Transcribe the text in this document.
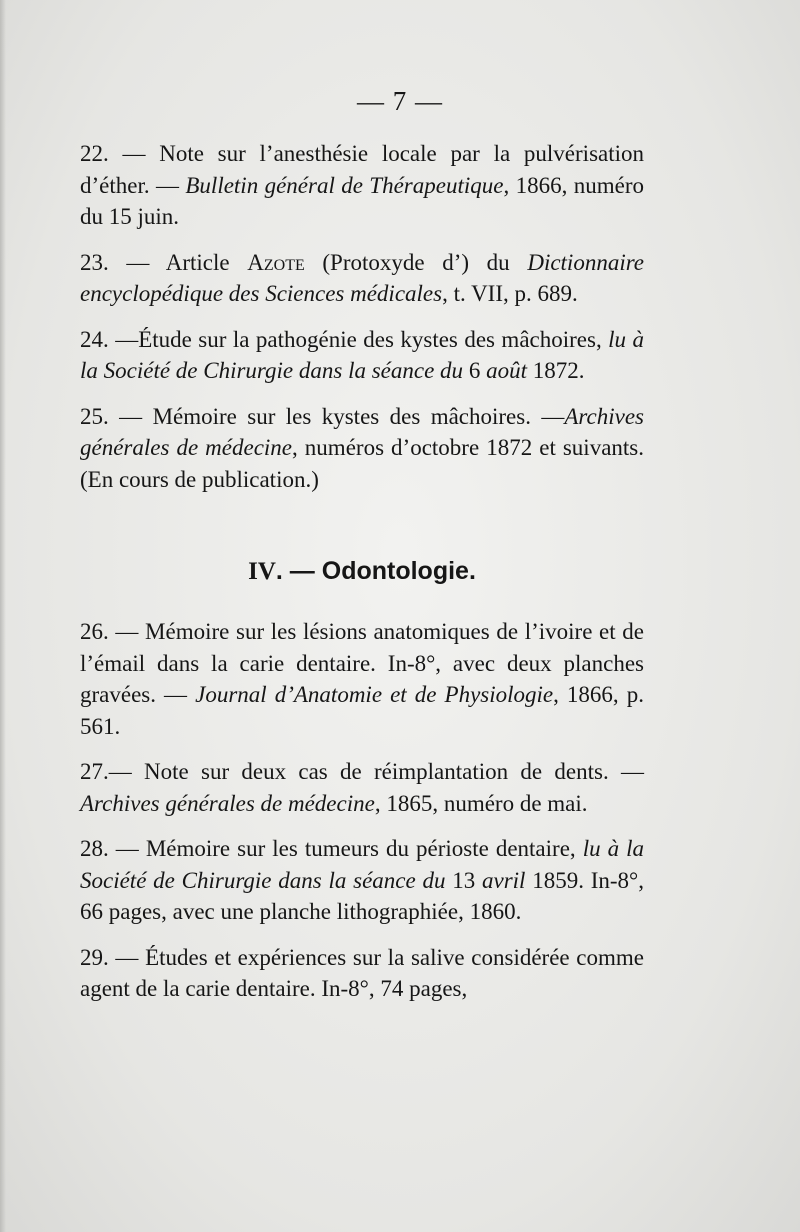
— 7 —

22. — Note sur l’anesthésie locale par la pulvérisation d’éther. — Bulletin général de Thérapeutique, 1866, numéro du 15 juin.

23. — Article Azote (Protoxyde d’) du Dictionnaire encyclopédique des Sciences médicales, t. VII, p. 689.

24. —Étude sur la pathogénie des kystes des mâchoires, lu à la Société de Chirurgie dans la séance du 6 août 1872.

25. — Mémoire sur les kystes des mâchoires. —Archives générales de médecine, numéros d’octobre 1872 et suivants. (En cours de publication.)

IV. — Odontologie.

26. — Mémoire sur les lésions anatomiques de l’ivoire et de l’émail dans la carie dentaire. In-8°, avec deux planches gravées. — Journal d’Anatomie et de Physiologie, 1866, p. 561.

27.— Note sur deux cas de réimplantation de dents. — Archives générales de médecine, 1865, numéro de mai.

28. — Mémoire sur les tumeurs du périoste dentaire, lu à la Société de Chirurgie dans la séance du 13 avril 1859. In-8°, 66 pages, avec une planche lithographiée, 1860.

29. — Études et expériences sur la salive considérée comme agent de la carie dentaire. In-8°, 74 pages,
